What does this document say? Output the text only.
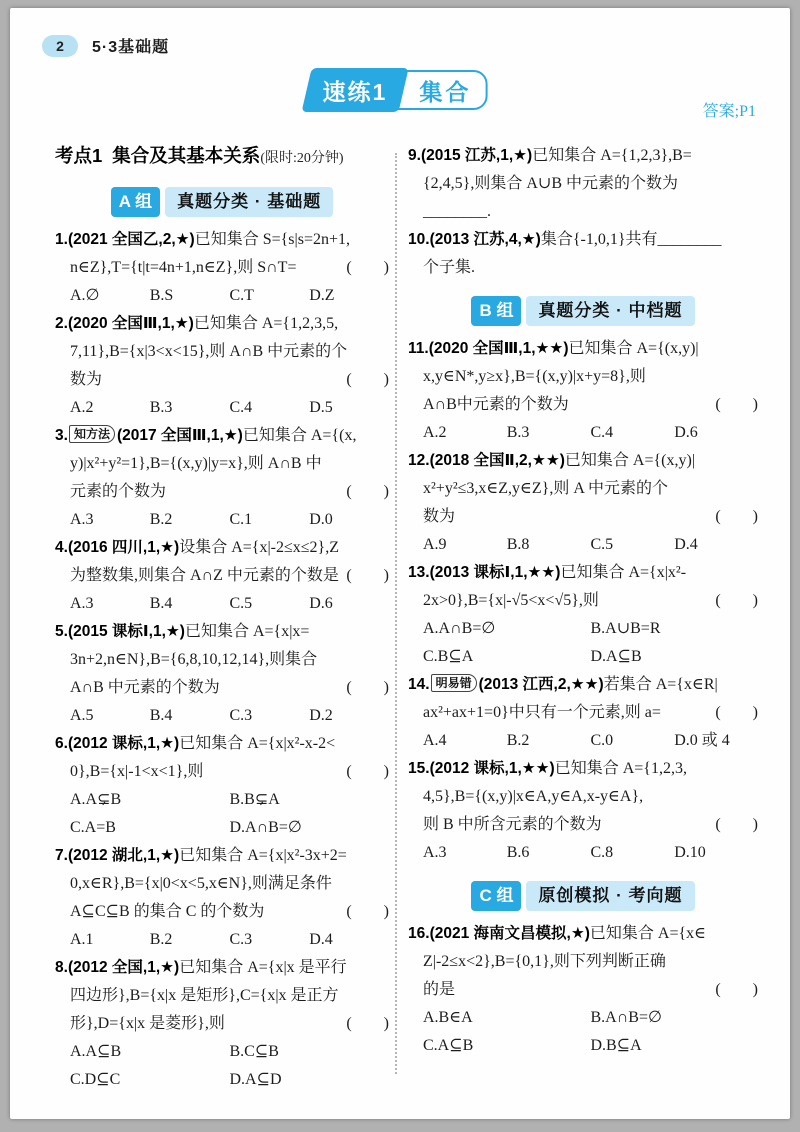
2	5·3基础题
速练1	集合
答案;P1
考点1 集合及其基本关系(限时:20分钟)
A 组	真题分类 · 基础题
1.(2021 全国乙,2,★)已知集合 S={s|s=2n+1,
n∈Z},T={t|t=4n+1,n∈Z},则 S∩T=	(　　)
A.∅	B.S	C.T	D.Z
2.(2020 全国Ⅲ,1,★)已知集合 A={1,2,3,5,
7,11},B={x|3<x<15},则 A∩B 中元素的个
数为	(　　)
A.2	B.3	C.4	D.5
3. 知方法 (2017 全国Ⅲ,1,★)已知集合 A={(x,
y)|x²+y²=1},B={(x,y)|y=x},则 A∩B 中
元素的个数为	(　　)
A.3	B.2	C.1	D.0
4.(2016 四川,1,★)设集合 A={x|-2≤x≤2},Z
为整数集,则集合 A∩Z 中元素的个数是 (　　)
A.3	B.4	C.5	D.6
5.(2015 课标Ⅰ,1,★)已知集合 A={x|x=
3n+2,n∈N},B={6,8,10,12,14},则集合
A∩B 中元素的个数为	(　　)
A.5	B.4	C.3	D.2
6.(2012 课标,1,★)已知集合 A={x|x²-x-2<
0},B={x|-1<x<1},则	(　　)
A.A⊊B	B.B⊊A
C.A=B	D.A∩B=∅
7.(2012 湖北,1,★)已知集合 A={x|x²-3x+2=
0,x∈R},B={x|0<x<5,x∈N},则满足条件
A⊆C⊆B 的集合 C 的个数为	(　　)
A.1	B.2	C.3	D.4
8.(2012 全国,1,★)已知集合 A={x|x 是平行
四边形},B={x|x 是矩形},C={x|x 是正方
形},D={x|x 是菱形},则	(　　)
A.A⊆B	B.C⊆B
C.D⊆C	D.A⊆D
9.(2015 江苏,1,★)已知集合 A={1,2,3},B=
{2,4,5},则集合 A∪B 中元素的个数为
________.
10.(2013 江苏,4,★)集合{-1,0,1}共有________
个子集.
B 组	真题分类 · 中档题
11.(2020 全国Ⅲ,1,★★)已知集合 A={(x,y)|
x,y∈N*,y≥x},B={(x,y)|x+y=8},则
A∩B中元素的个数为	(　　)
A.2	B.3	C.4	D.6
12.(2018 全国Ⅱ,2,★★)已知集合 A={(x,y)|
x²+y²≤3,x∈Z,y∈Z},则 A 中元素的个
数为	(　　)
A.9	B.8	C.5	D.4
13.(2013 课标Ⅰ,1,★★)已知集合 A={x|x²-
2x>0},B={x|-√5<x<√5},则	(　　)
A.A∩B=∅	B.A∪B=R
C.B⊆A	D.A⊆B
14. 明易错 (2013 江西,2,★★)若集合 A={x∈R|
ax²+ax+1=0}中只有一个元素,则 a=	(　　)
A.4	B.2	C.0	D.0 或 4
15.(2012 课标,1,★★)已知集合 A={1,2,3,
4,5},B={(x,y)|x∈A,y∈A,x-y∈A},
则 B 中所含元素的个数为	(　　)
A.3	B.6	C.8	D.10
C 组	原创模拟 · 考向题
16.(2021 海南文昌模拟,★)已知集合 A={x∈
Z|-2≤x<2},B={0,1},则下列判断正确
的是	(　　)
A.B∈A	B.A∩B=∅
C.A⊆B	D.B⊆A
